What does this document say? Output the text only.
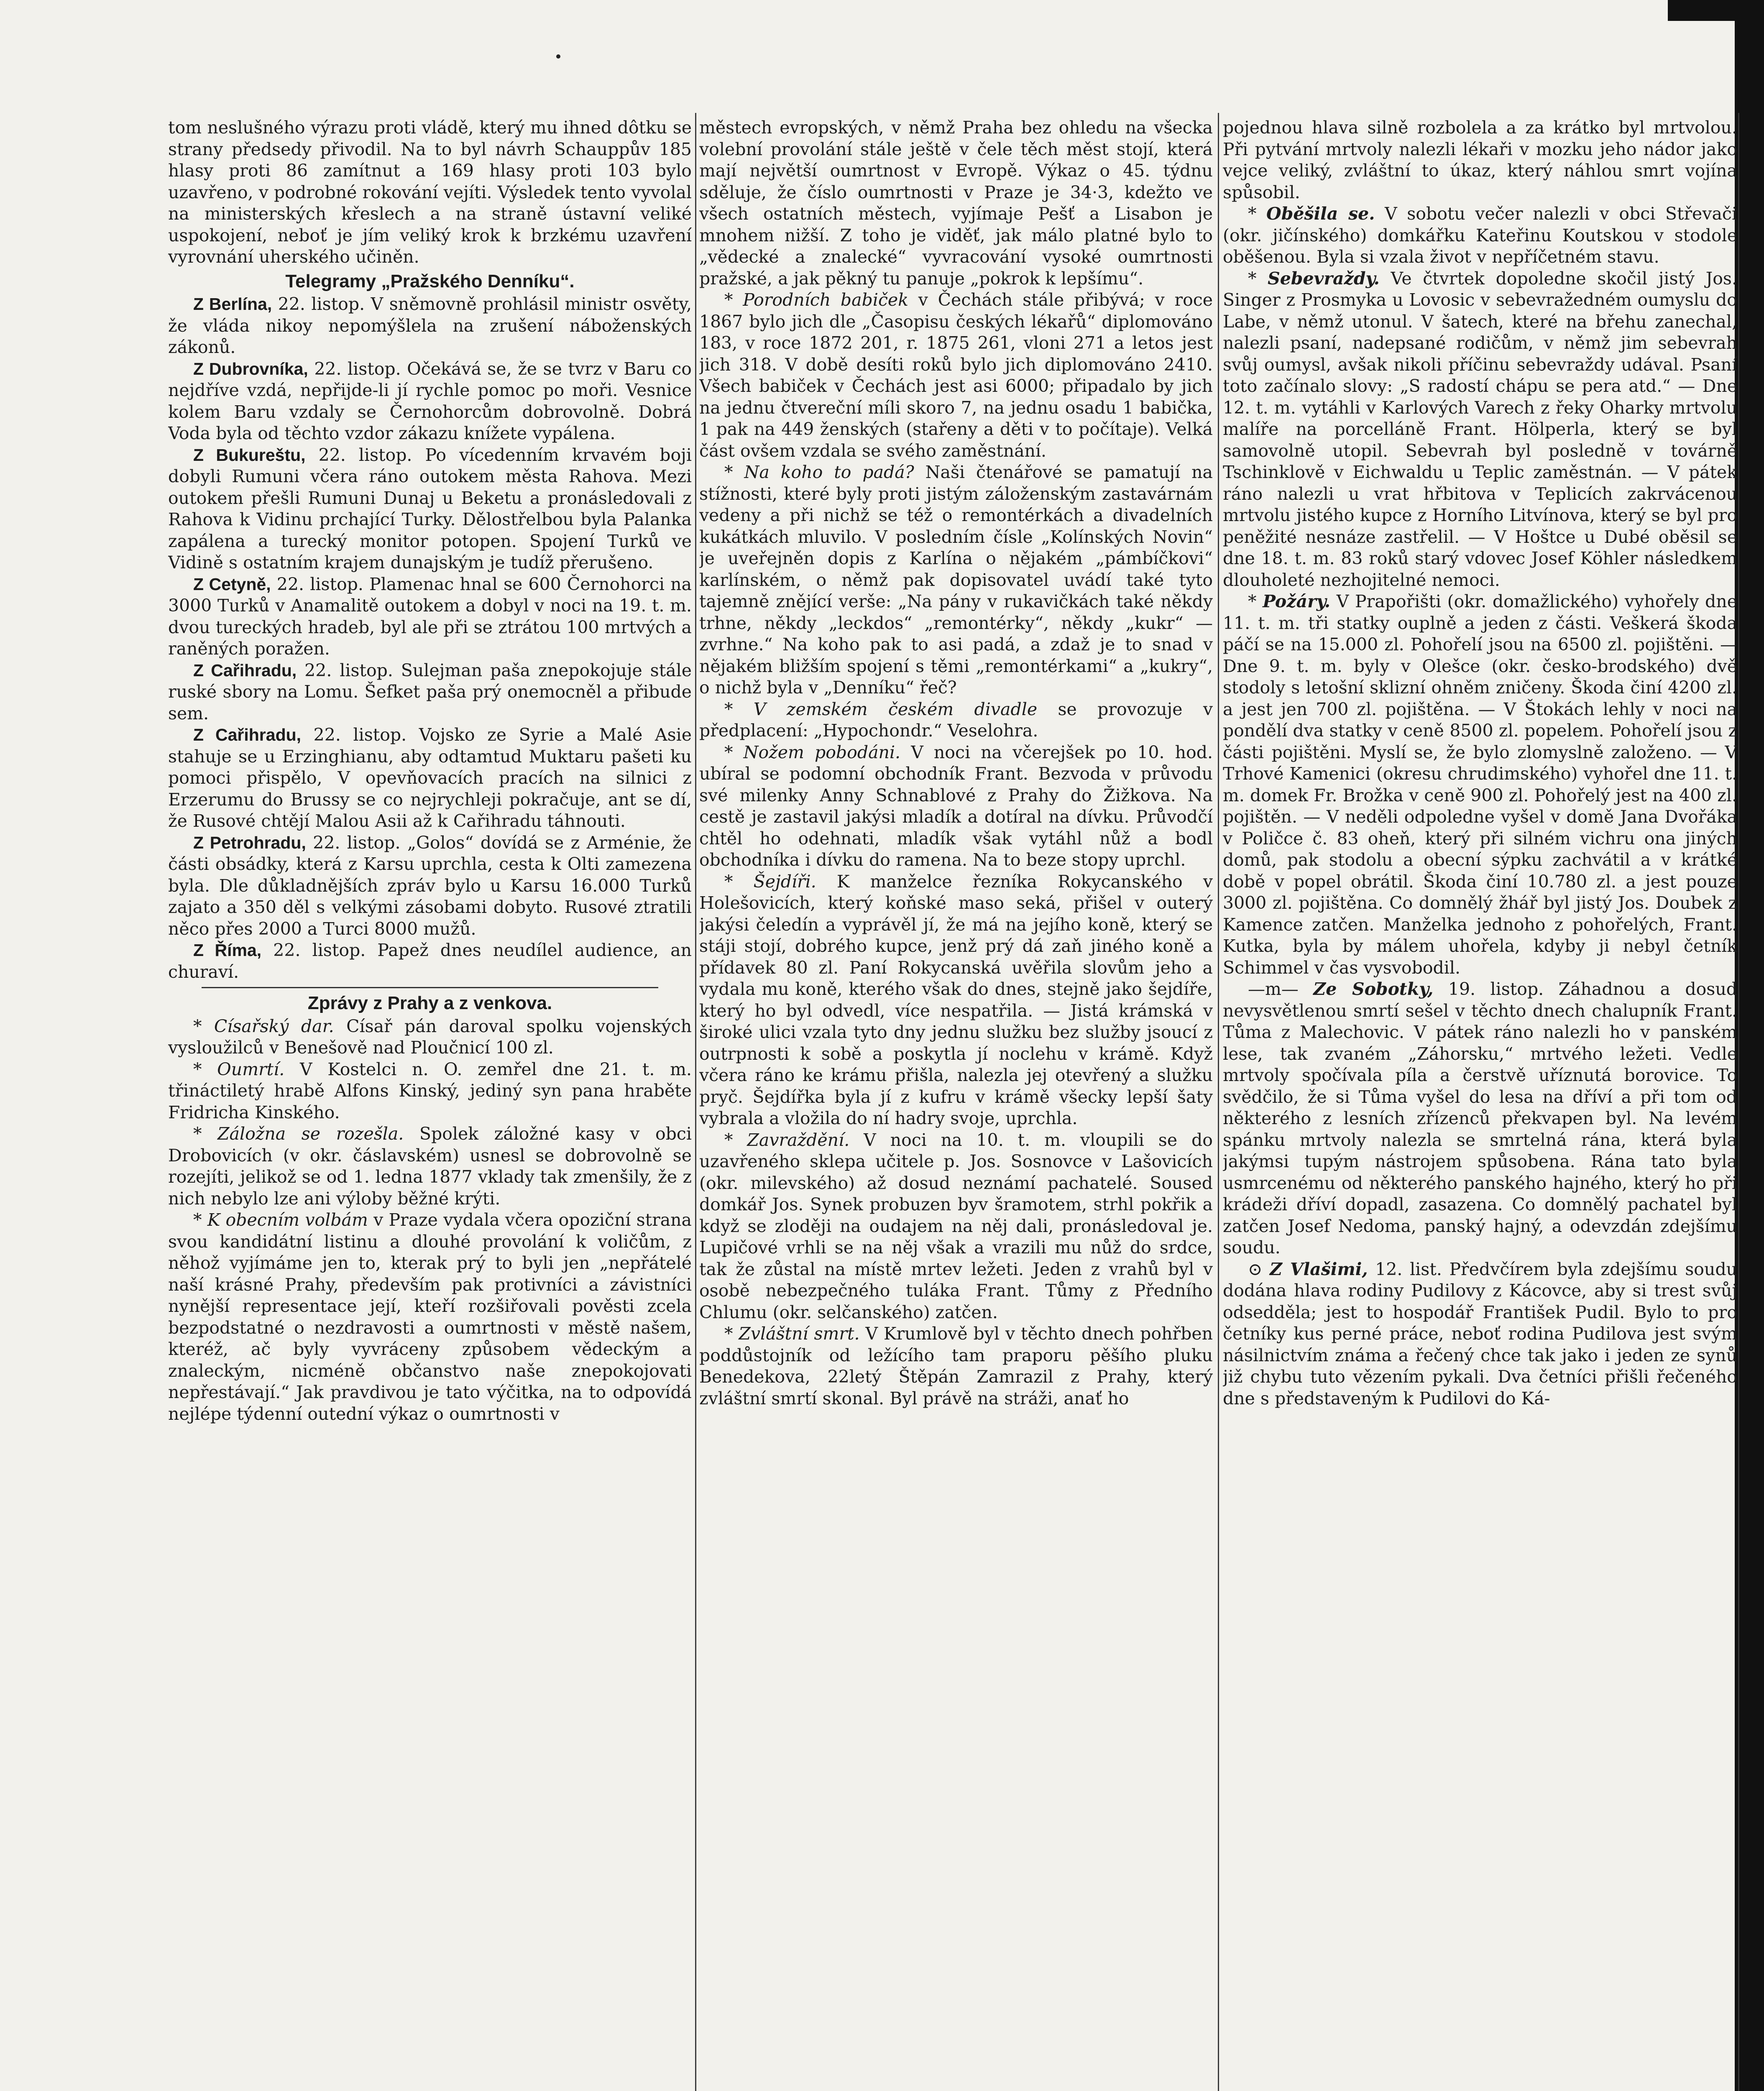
tom neslušného výrazu proti vládě, který mu ihned dôtku se strany předsedy přivodil. Na to byl návrh Schauppův 185 hlasy proti 86 zamítnut a 169 hlasy proti 103 bylo uzavřeno, v podrobné rokování vejíti. Výsledek tento vyvolal na ministerských křeslech a na straně ústavní veliké uspokojení, neboť je jím veliký krok k brzkému uzavření vyrovnání uherského učiněn.

Telegramy „Pražského Denníku“.

Z Berlína, 22. listop. V sněmovně prohlásil ministr osvěty, že vláda nikoy nepomýšlela na zrušení náboženských zákonů.

Z Dubrovníka, 22. listop. Očekává se, že se tvrz v Baru co nejdříve vzdá, nepřijde-li jí rychle pomoc po moři. Vesnice kolem Baru vzdaly se Černohorcům dobrovolně. Dobrá Voda byla od těchto vzdor zákazu knížete vypálena.

Z Bukureštu, 22. listop. Po vícedenním krvavém boji dobyli Rumuni včera ráno outokem města Rahova. Mezi outokem přešli Rumuni Dunaj u Beketu a pronásledovali z Rahova k Vidinu prchající Turky. Dělostřelbou byla Palanka zapálena a turecký monitor potopen. Spojení Turků ve Vidině s ostatním krajem dunajským je tudíž přerušeno.

Z Cetyně, 22. listop. Plamenac hnal se 600 Černohorci na 3000 Turků v Anamalitě outokem a dobyl v noci na 19. t. m. dvou tureckých hradeb, byl ale při se ztrátou 100 mrtvých a raněných poražen.

Z Cařihradu, 22. listop. Sulejman paša znepokojuje stále ruské sbory na Lomu. Šefket paša prý onemocněl a přibude sem.

Z Cařihradu, 22. listop. Vojsko ze Syrie a Malé Asie stahuje se u Erzinghianu, aby odtamtud Muktaru pašeti ku pomoci přispělo, V opevňovacích pracích na silnici z Erzerumu do Brussy se co nejrychleji pokračuje, ant se dí, že Rusové chtějí Malou Asii až k Cařihradu táhnouti.

Z Petrohradu, 22. listop. „Golos“ dovídá se z Arménie, že části obsádky, která z Karsu uprchla, cesta k Olti zamezena byla. Dle důkladnějších zpráv bylo u Karsu 16.000 Turků zajato a 350 děl s velkými zásobami dobyto. Rusové ztratili něco přes 2000 a Turci 8000 mužů.

Z Říma, 22. listop. Papež dnes neudílel audience, an churaví.

Zprávy z Prahy a z venkova.

* Císařský dar. Císař pán daroval spolku vojenských vysloužilců v Benešově nad Ploučnicí 100 zl.

* Oumrtí. V Kostelci n. O. zemřel dne 21. t. m. třináctiletý hrabě Alfons Kinský, jediný syn pana hraběte Fridricha Kinského.

* Záložna se rozešla. Spolek záložné kasy v obci Drobovicích (v okr. čáslavském) usnesl se dobrovolně se rozejíti, jelikož se od 1. ledna 1877 vklady tak zmenšily, že z nich nebylo lze ani výloby běžné krýti.

* K obecním volbám v Praze vydala včera opoziční strana svou kandidátní listinu a dlouhé provolání k voličům, z něhož vyjímáme jen to, kterak prý to byli jen „nepřátelé naší krásné Prahy, především pak protivníci a závistníci nynější representace její, kteří rozšiřovali pověsti zcela bezpodstatné o nezdravosti a oumrtnosti v městě našem, kteréž, ač byly vyvráceny způsobem vědeckým a znaleckým, nicméně občanstvo naše znepokojovati nepřestávají.“ Jak pravdivou je tato výčitka, na to odpovídá nejlépe týdenní outední výkaz o oumrtnosti v

městech evropských, v němž Praha bez ohledu na všecka volební provolání stále ještě v čele těch měst stojí, která mají největší oumrtnost v Evropě. Výkaz o 45. týdnu sděluje, že číslo oumrtnosti v Praze je 34·3, kdežto ve všech ostatních městech, vyjímaje Pešť a Lisabon je mnohem nižší. Z toho je viděť, jak málo platné bylo to „vědecké a znalecké“ vyvracování vysoké oumrtnosti pražské, a jak pěkný tu panuje „pokrok k lepšímu“.

* Porodních babiček v Čechách stále přibývá; v roce 1867 bylo jich dle „Časopisu českých lékařů“ diplomováno 183, v roce 1872 201, r. 1875 261, vloni 271 a letos jest jich 318. V době desíti roků bylo jich diplomováno 2410. Všech babiček v Čechách jest asi 6000; připadalo by jich na jednu čtvereční míli skoro 7, na jednu osadu 1 babička, 1 pak na 449 ženských (stařeny a děti v to počítaje). Velká část ovšem vzdala se svého zaměstnání.

* Na koho to padá? Naši čtenářové se pamatují na stížnosti, které byly proti jistým záloženským zastavárnám vedeny a při nichž se též o remontérkách a divadelních kukátkách mluvilo. V posledním čísle „Kolínských Novin“ je uveřejněn dopis z Karlína o nějakém „pámbíčkovi“ karlínském, o němž pak dopisovatel uvádí také tyto tajemně znějící verše: „Na pány v rukavičkách také někdy trhne, někdy „leckdos“ „remontérky“, někdy „kukr“ — zvrhne.“ Na koho pak to asi padá, a zdaž je to snad v nějakém bližším spojení s těmi „remontérkami“ a „kukry“, o nichž byla v „Denníku“ řeč?

* V zemském českém divadle se provozuje v předplacení: „Hypochondr.“ Veselohra.

* Nožem pobodáni. V noci na včerejšek po 10. hod. ubíral se podomní obchodník Frant. Bezvoda v průvodu své milenky Anny Schnablové z Prahy do Žižkova. Na cestě je zastavil jakýsi mladík a dotíral na dívku. Průvodčí chtěl ho odehnati, mladík však vytáhl nůž a bodl obchodníka i dívku do ramena. Na to beze stopy uprchl.

* Šejdíři. K manželce řezníka Rokycanského v Holešovicích, který koňské maso seká, přišel v outerý jakýsi čeledín a vyprávěl jí, že má na jejího koně, který se stáji stojí, dobrého kupce, jenž prý dá zaň jiného koně a přídavek 80 zl. Paní Rokycanská uvěřila slovům jeho a vydala mu koně, kterého však do dnes, stejně jako šejdíře, který ho byl odvedl, více nespatřila. — Jistá krámská v široké ulici vzala tyto dny jednu služku bez služby jsoucí z outrpnosti k sobě a poskytla jí noclehu v krámě. Když včera ráno ke krámu přišla, nalezla jej otevřený a služku pryč. Šejdířka byla jí z kufru v krámě všecky lepší šaty vybrala a vložila do ní hadry svoje, uprchla.

* Zavraždění. V noci na 10. t. m. vloupili se do uzavřeného sklepa učitele p. Jos. Sosnovce v Lašovicích (okr. milevského) až dosud neznámí pachatelé. Soused domkář Jos. Synek probuzen byv šramotem, strhl pokřik a když se zloději na oudajem na něj dali, pronásledoval je. Lupičové vrhli se na něj však a vrazili mu nůž do srdce, tak že zůstal na místě mrtev ležeti. Jeden z vrahů byl v osobě nebezpečného tuláka Frant. Tůmy z Předního Chlumu (okr. selčanského) zatčen.

* Zvláštní smrt. V Krumlově byl v těchto dnech pohřben poddůstojník od ležícího tam praporu pěšího pluku Benedekova, 22letý Štěpán Zamrazil z Prahy, který zvláštní smrtí skonal. Byl právě na stráži, anať ho

pojednou hlava silně rozbolela a za krátko byl mrtvolou. Při pytvání mrtvoly nalezli lékaři v mozku jeho nádor jako vejce veliký, zvláštní to úkaz, který náhlou smrt vojína spůsobil.

* Oběšila se. V sobotu večer nalezli v obci Střevači (okr. jičínského) domkářku Kateřinu Koutskou v stodole oběšenou. Byla si vzala život v nepříčetném stavu.

* Sebevraždy. Ve čtvrtek dopoledne skočil jistý Jos. Singer z Prosmyka u Lovosic v sebevražedném oumyslu do Labe, v němž utonul. V šatech, které na břehu zanechal, nalezli psaní, nadepsané rodičům, v němž jim sebevrah svůj oumysl, avšak nikoli příčinu sebevraždy udával. Psaní toto začínalo slovy: „S radostí chápu se pera atd.“ — Dne 12. t. m. vytáhli v Karlových Varech z řeky Oharky mrtvolu malíře na porcelláně Frant. Hölperla, který se byl samovolně utopil. Sebevrah byl posledně v továrně Tschinklově v Eichwaldu u Teplic zaměstnán. — V pátek ráno nalezli u vrat hřbitova v Teplicích zakrvácenou mrtvolu jistého kupce z Horního Litvínova, který se byl pro peněžité nesnáze zastřelil. — V Hoštce u Dubé oběsil se dne 18. t. m. 83 roků starý vdovec Josef Köhler následkem dlouholeté nezhojitelné nemoci.

* Požáry. V Prapořišti (okr. domažlického) vyhořely dne 11. t. m. tři statky ouplně a jeden z části. Veškerá škoda páčí se na 15.000 zl. Pohořelí jsou na 6500 zl. pojištěni. — Dne 9. t. m. byly v Olešce (okr. česko-brodského) dvě stodoly s letošní sklizní ohněm zničeny. Škoda činí 4200 zl. a jest jen 700 zl. pojištěna. — V Štokách lehly v noci na pondělí dva statky v ceně 8500 zl. popelem. Pohořelí jsou z části pojištěni. Myslí se, že bylo zlomyslně založeno. — V Trhové Kamenici (okresu chrudimského) vyhořel dne 11. t. m. domek Fr. Brožka v ceně 900 zl. Pohořelý jest na 400 zl. pojištěn. — V neděli odpoledne vyšel v domě Jana Dvořáka v Poličce č. 83 oheň, který při silném vichru ona jiných domů, pak stodolu a obecní sýpku zachvátil a v krátké době v popel obrátil. Škoda činí 10.780 zl. a jest pouze 3000 zl. pojištěna. Co domnělý žhář byl jistý Jos. Doubek z Kamence zatčen. Manželka jednoho z pohořelých, Frant. Kutka, byla by málem uhořela, kdyby ji nebyl četník Schimmel v čas vysvobodil.

—m— Ze Sobotky, 19. listop. Záhadnou a dosud nevysvětlenou smrtí sešel v těchto dnech chalupník Frant. Tůma z Malechovic. V pátek ráno nalezli ho v panském lese, tak zvaném „Záhorsku,“ mrtvého ležeti. Vedle mrtvoly spočívala píla a čerstvě uříznutá borovice. To svědčilo, že si Tůma vyšel do lesa na dříví a při tom od některého z lesních zřízenců překvapen byl. Na levém spánku mrtvoly nalezla se smrtelná rána, která byla jakýmsi tupým nástrojem spůsobena. Rána tato byla usmrcenému od některého panského hajného, který ho při krádeži dříví dopadl, zasazena. Co domnělý pachatel byl zatčen Josef Nedoma, panský hajný, a odevzdán zdejšímu soudu.

⊙ Z Vlašimi, 12. list. Předvčírem byla zdejšímu soudu dodána hlava rodiny Pudilovy z Kácovce, aby si trest svůj odsedděla; jest to hospodář František Pudil. Bylo to pro četníky kus perné práce, neboť rodina Pudilova jest svým násilnictvím známa a řečený chce tak jako i jeden ze synů již chybu tuto vězením pykali. Dva četníci přišli řečeného dne s představeným k Pudilovi do Ká-
